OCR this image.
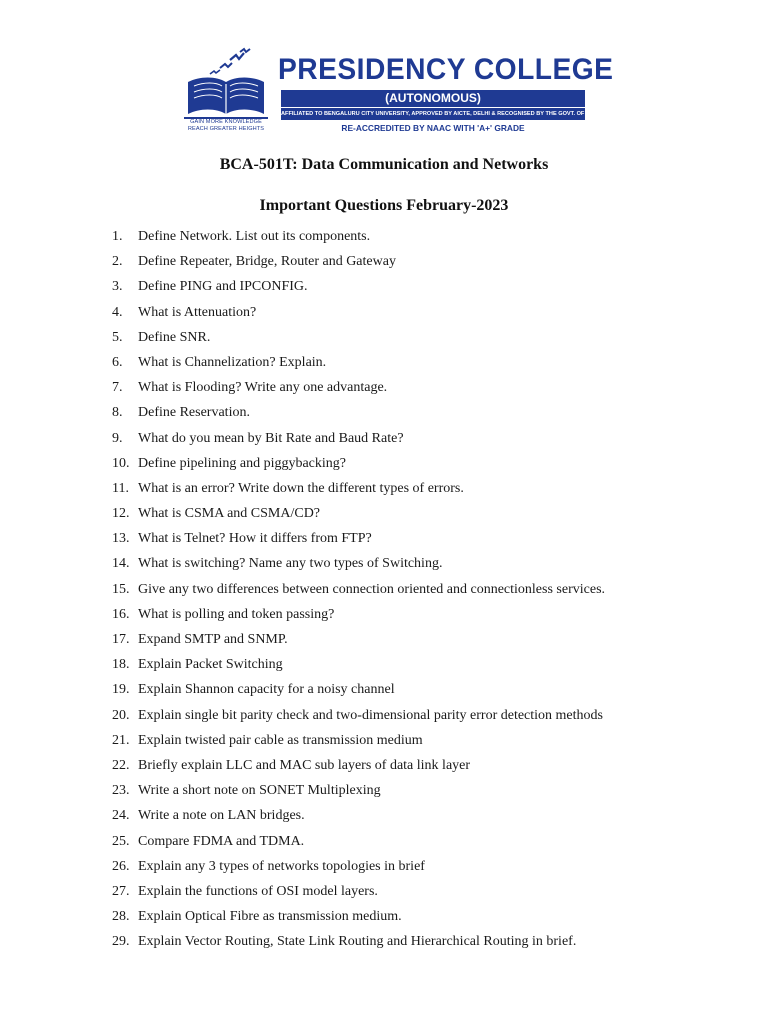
GAIN MORE KNOWLEDGE
REACH GREATER HEIGHTS
PRESIDENCY COLLEGE
(AUTONOMOUS)
AFFILIATED TO BENGALURU CITY UNIVERSITY, APPROVED BY AICTE, DELHI & RECOGNISED BY THE GOVT. OF KARNATAKA
RE-ACCREDITED BY NAAC WITH 'A+' GRADE
BCA-501T: Data Communication and Networks
Important Questions February-2023
1.	Define Network. List out its components.
2.	Define Repeater, Bridge, Router and Gateway
3.	Define PING and IPCONFIG.
4.	What is Attenuation?
5.	Define SNR.
6.	What is Channelization? Explain.
7.	What is Flooding? Write any one advantage.
8.	Define Reservation.
9.	What do you mean by Bit Rate and Baud Rate?
10. Define pipelining and piggybacking?
11. What is an error? Write down the different types of errors.
12. What is CSMA and CSMA/CD?
13. What is Telnet? How it differs from FTP?
14. What is switching? Name any two types of Switching.
15. Give any two differences between connection oriented and connectionless services.
16. What is polling and token passing?
17. Expand SMTP and SNMP.
18. Explain Packet Switching
19. Explain Shannon capacity for a noisy channel
20. Explain single bit parity check and two-dimensional parity error detection methods
21. Explain twisted pair cable as transmission medium
22. Briefly explain LLC and MAC sub layers of data link layer
23. Write a short note on SONET Multiplexing
24. Write a note on LAN bridges.
25. Compare FDMA and TDMA.
26. Explain any 3 types of networks topologies in brief
27. Explain the functions of OSI model layers.
28. Explain Optical Fibre as transmission medium.
29. Explain Vector Routing, State Link Routing and Hierarchical Routing in brief.
